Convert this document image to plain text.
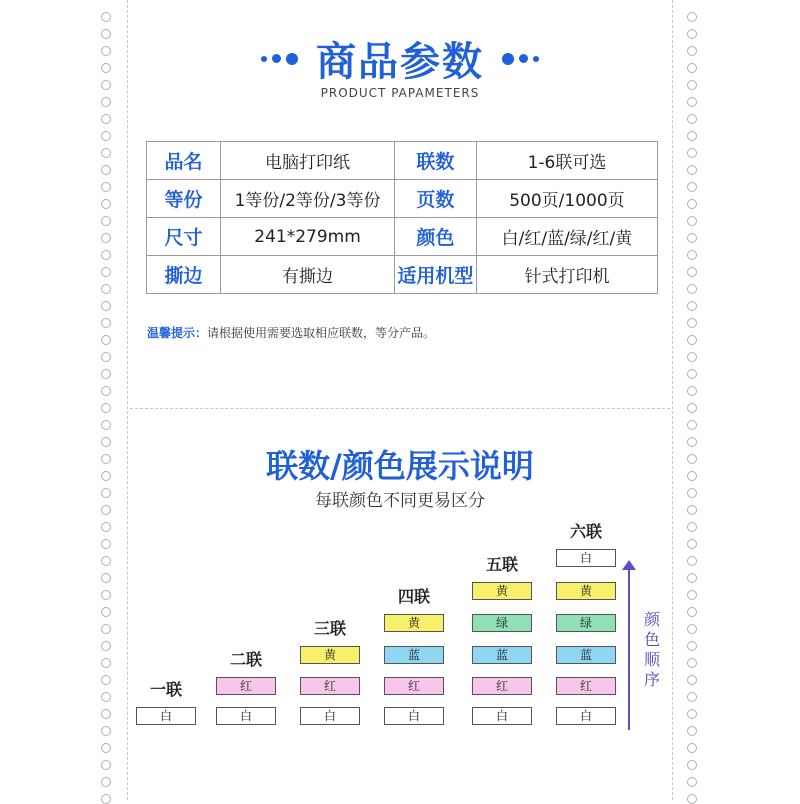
商品参数
PRODUCT PAPAMETERS
品名	电脑打印纸	联数	1-6联可选
等份	1等份/2等份/3等份	页数	500页/1000页
尺寸	241*279mm	颜色	白/红/蓝/绿/红/黄
撕边	有撕边	适用机型	针式打印机
温馨提示：请根据使用需要选取相应联数，等分产品。
联数/颜色展示说明
每联颜色不同更易区分
一联
白
二联
白
红
三联
白
红
黄
四联
白
红
蓝
黄
五联
白
红
蓝
绿
黄
六联
白
红
蓝
绿
黄
白
颜色顺序
